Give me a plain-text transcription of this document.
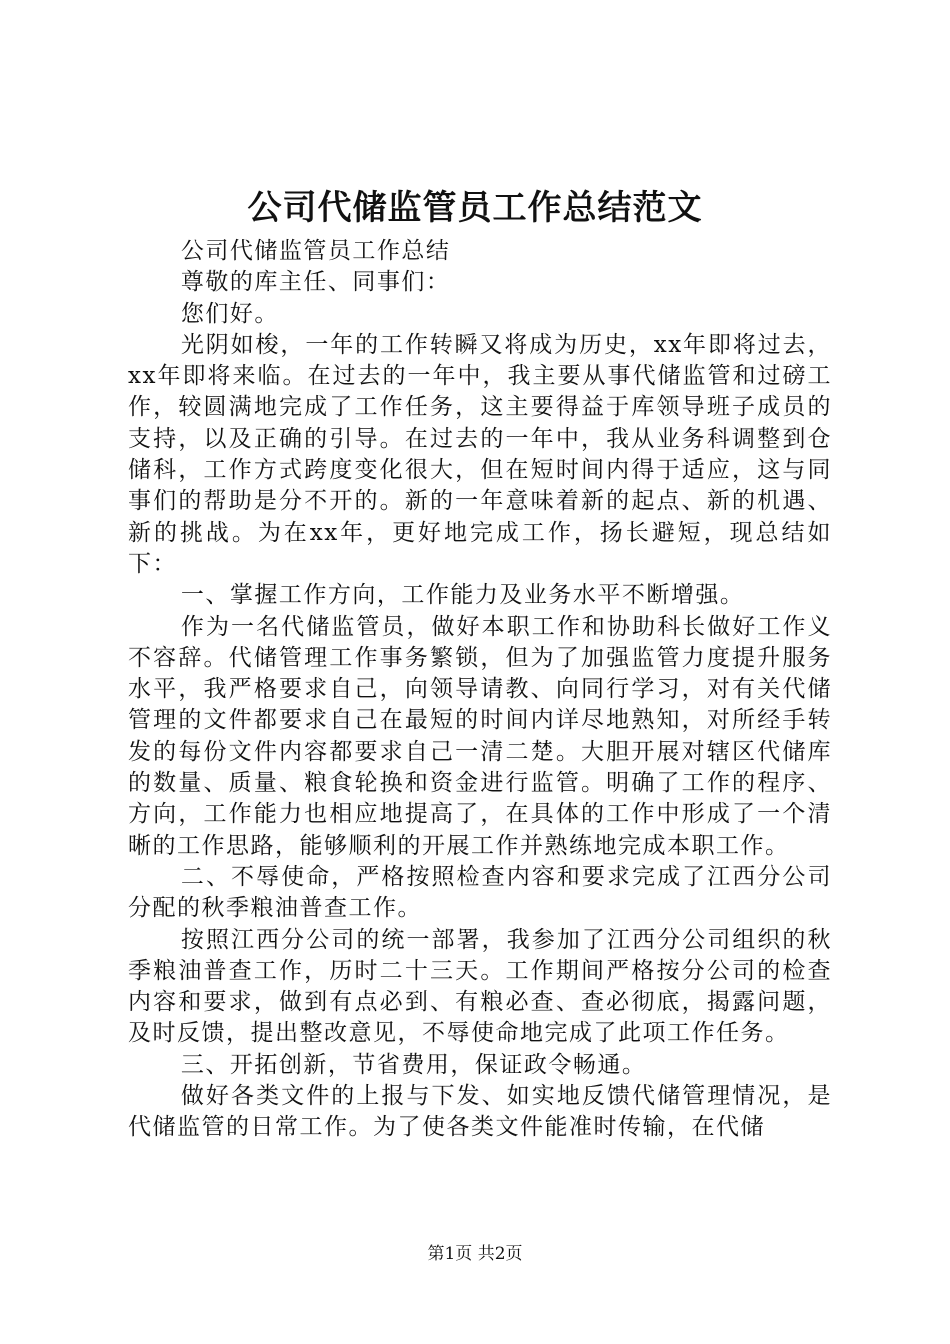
公司代储监管员工作总结范文

公司代储监管员工作总结

尊敬的库主任、同事们：

您们好。

光阴如梭，一年的工作转瞬又将成为历史，xx年即将过去，xx年即将来临。在过去的一年中，我主要从事代储监管和过磅工作，较圆满地完成了工作任务，这主要得益于库领导班子成员的支持，以及正确的引导。在过去的一年中，我从业务科调整到仓储科，工作方式跨度变化很大，但在短时间内得于适应，这与同事们的帮助是分不开的。新的一年意味着新的起点、新的机遇、新的挑战。为在xx年，更好地完成工作，扬长避短，现总结如下：

一、掌握工作方向，工作能力及业务水平不断增强。

作为一名代储监管员，做好本职工作和协助科长做好工作义不容辞。代储管理工作事务繁锁，但为了加强监管力度提升服务水平，我严格要求自己，向领导请教、向同行学习，对有关代储管理的文件都要求自己在最短的时间内详尽地熟知，对所经手转发的每份文件内容都要求自己一清二楚。大胆开展对辖区代储库的数量、质量、粮食轮换和资金进行监管。明确了工作的程序、方向，工作能力也相应地提高了，在具体的工作中形成了一个清晰的工作思路，能够顺利的开展工作并熟练地完成本职工作。

二、不辱使命，严格按照检查内容和要求完成了江西分公司分配的秋季粮油普查工作。

按照江西分公司的统一部署，我参加了江西分公司组织的秋季粮油普查工作，历时二十三天。工作期间严格按分公司的检查内容和要求，做到有点必到、有粮必查、查必彻底，揭露问题，及时反馈，提出整改意见，不辱使命地完成了此项工作任务。

三、开拓创新，节省费用，保证政令畅通。

做好各类文件的上报与下发、如实地反馈代储管理情况，是代储监管的日常工作。为了使各类文件能准时传输，在代储

第1页 共2页
